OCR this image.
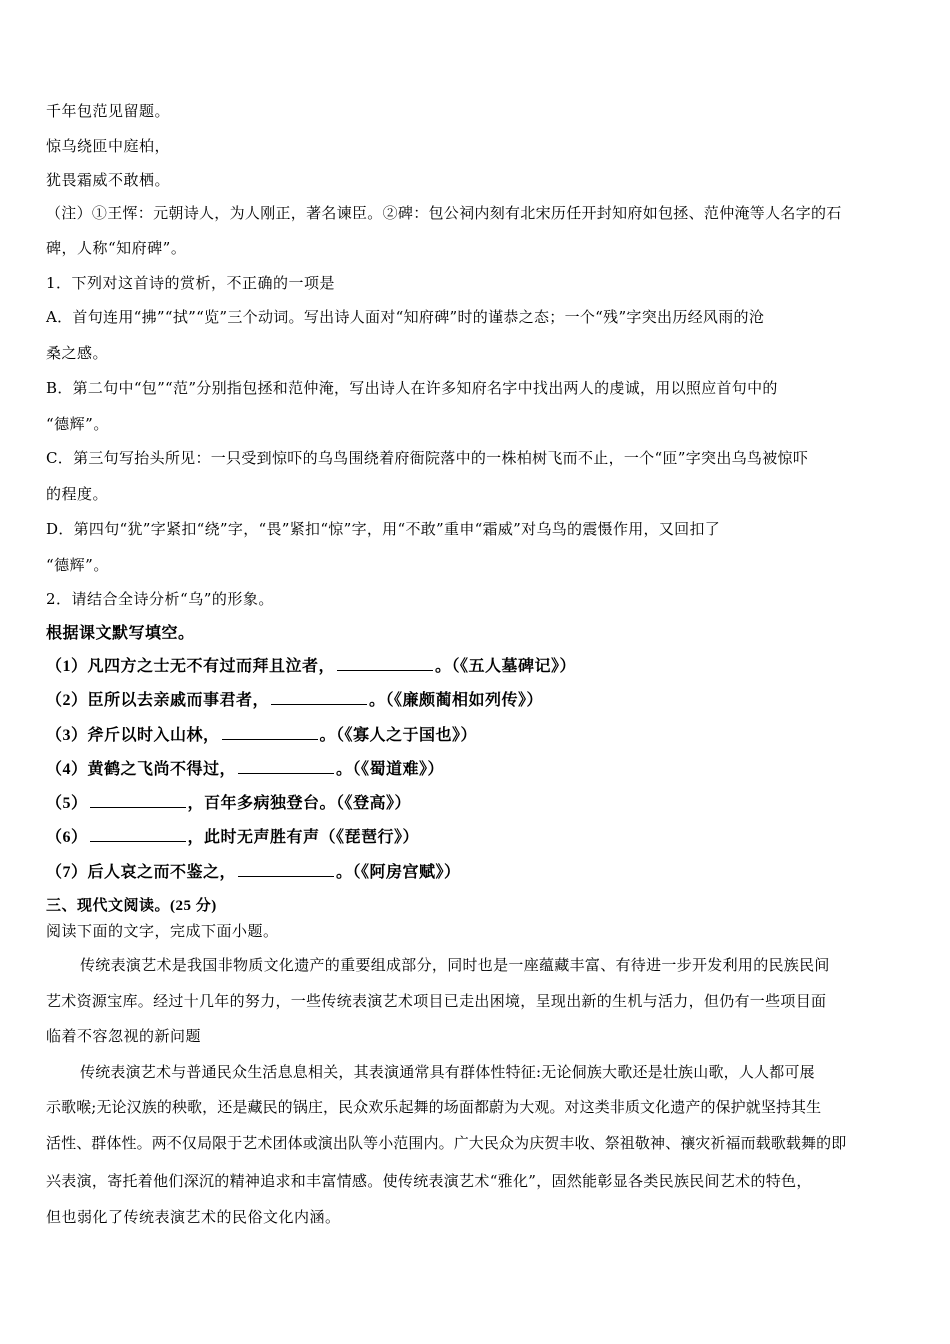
千年包范见留题。
惊乌绕匝中庭柏，
犹畏霜威不敢栖。
（注）①王恽：元朝诗人，为人刚正，著名谏臣。②碑：包公祠内刻有北宋历任开封知府如包拯、范仲淹等人名字的石
碑，人称“知府碑”。
1．下列对这首诗的赏析，不正确的一项是
A．首句连用“拂”“拭”“览”三个动词。写出诗人面对“知府碑”时的谨恭之态；一个“残”字突出历经风雨的沧
桑之感。
B．第二句中“包”“范”分别指包拯和范仲淹，写出诗人在许多知府名字中找出两人的虔诚，用以照应首句中的
“德辉”。
C．第三句写抬头所见：一只受到惊吓的乌鸟围绕着府衙院落中的一株柏树飞而不止，一个“匝”字突出乌鸟被惊吓
的程度。
D．第四句“犹”字紧扣“绕”字，“畏”紧扣“惊”字，用“不敢”重申“霜威”对乌鸟的震慑作用，又回扣了
“德辉”。
2．请结合全诗分析“乌”的形象。
根据课文默写填空。
（1）凡四方之士无不有过而拜且泣者，	。（《五人墓碑记》）
（2）臣所以去亲戚而事君者，	。（《廉颇蔺相如列传》）
（3）斧斤以时入山林，	。（《寡人之于国也》）
（4）黄鹤之飞尚不得过，	。（《蜀道难》）
（5）	，百年多病独登台。（《登高》）
（6）	，此时无声胜有声（《琵琶行》）
（7）后人哀之而不鉴之，	。（《阿房宫赋》）
三、现代文阅读。(25 分)
阅读下面的文字，完成下面小题。
传统表演艺术是我国非物质文化遗产的重要组成部分，同时也是一座蕴藏丰富、有待进一步开发利用的民族民间
艺术资源宝库。经过十几年的努力，一些传统表演艺术项目已走出困境，呈现出新的生机与活力，但仍有一些项目面
临着不容忽视的新问题
传统表演艺术与普通民众生活息息相关，其表演通常具有群体性特征:无论侗族大歌还是壮族山歌，人人都可展
示歌喉;无论汉族的秧歌，还是藏民的锅庄，民众欢乐起舞的场面都蔚为大观。对这类非质文化遗产的保护就坚持其生
活性、群体性。两不仅局限于艺术团体或演出队等小范围内。广大民众为庆贺丰收、祭祖敬神、禳灾祈福而载歌载舞的即
兴表演，寄托着他们深沉的精神追求和丰富情感。使传统表演艺术“雅化”，固然能彰显各类民族民间艺术的特色，
但也弱化了传统表演艺术的民俗文化内涵。
